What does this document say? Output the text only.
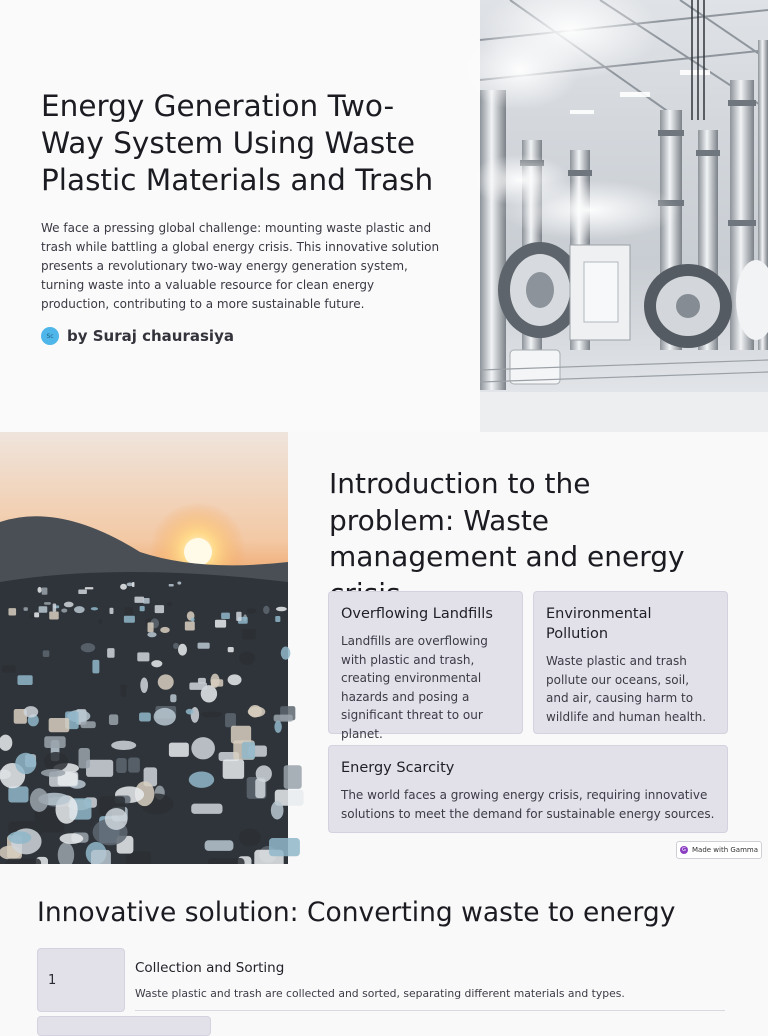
Energy Generation Two-Way System Using Waste Plastic Materials and Trash

We face a pressing global challenge: mounting waste plastic and trash while battling a global energy crisis. This innovative solution presents a revolutionary two-way energy generation system, turning waste into a valuable resource for clean energy production, contributing to a more sustainable future.

Sc by Suraj chaurasiya
Introduction to the problem: Waste management and energy
Overflowing Landfills

Landfills are overflowing with plastic and trash, creating environmental hazards and posing a significant threat to our planet.

Environmental Pollution

Waste plastic and trash pollute our oceans, soil, and air, causing harm to wildlife and human health.

Energy Scarcity

The world faces a growing energy crisis, requiring innovative solutions to meet the demand for sustainable energy sources.

G Made with Gamma
Innovative solution: Converting waste to energy
1
Collection and Sorting

Waste plastic and trash are collected and sorted, separating different materials and types.
